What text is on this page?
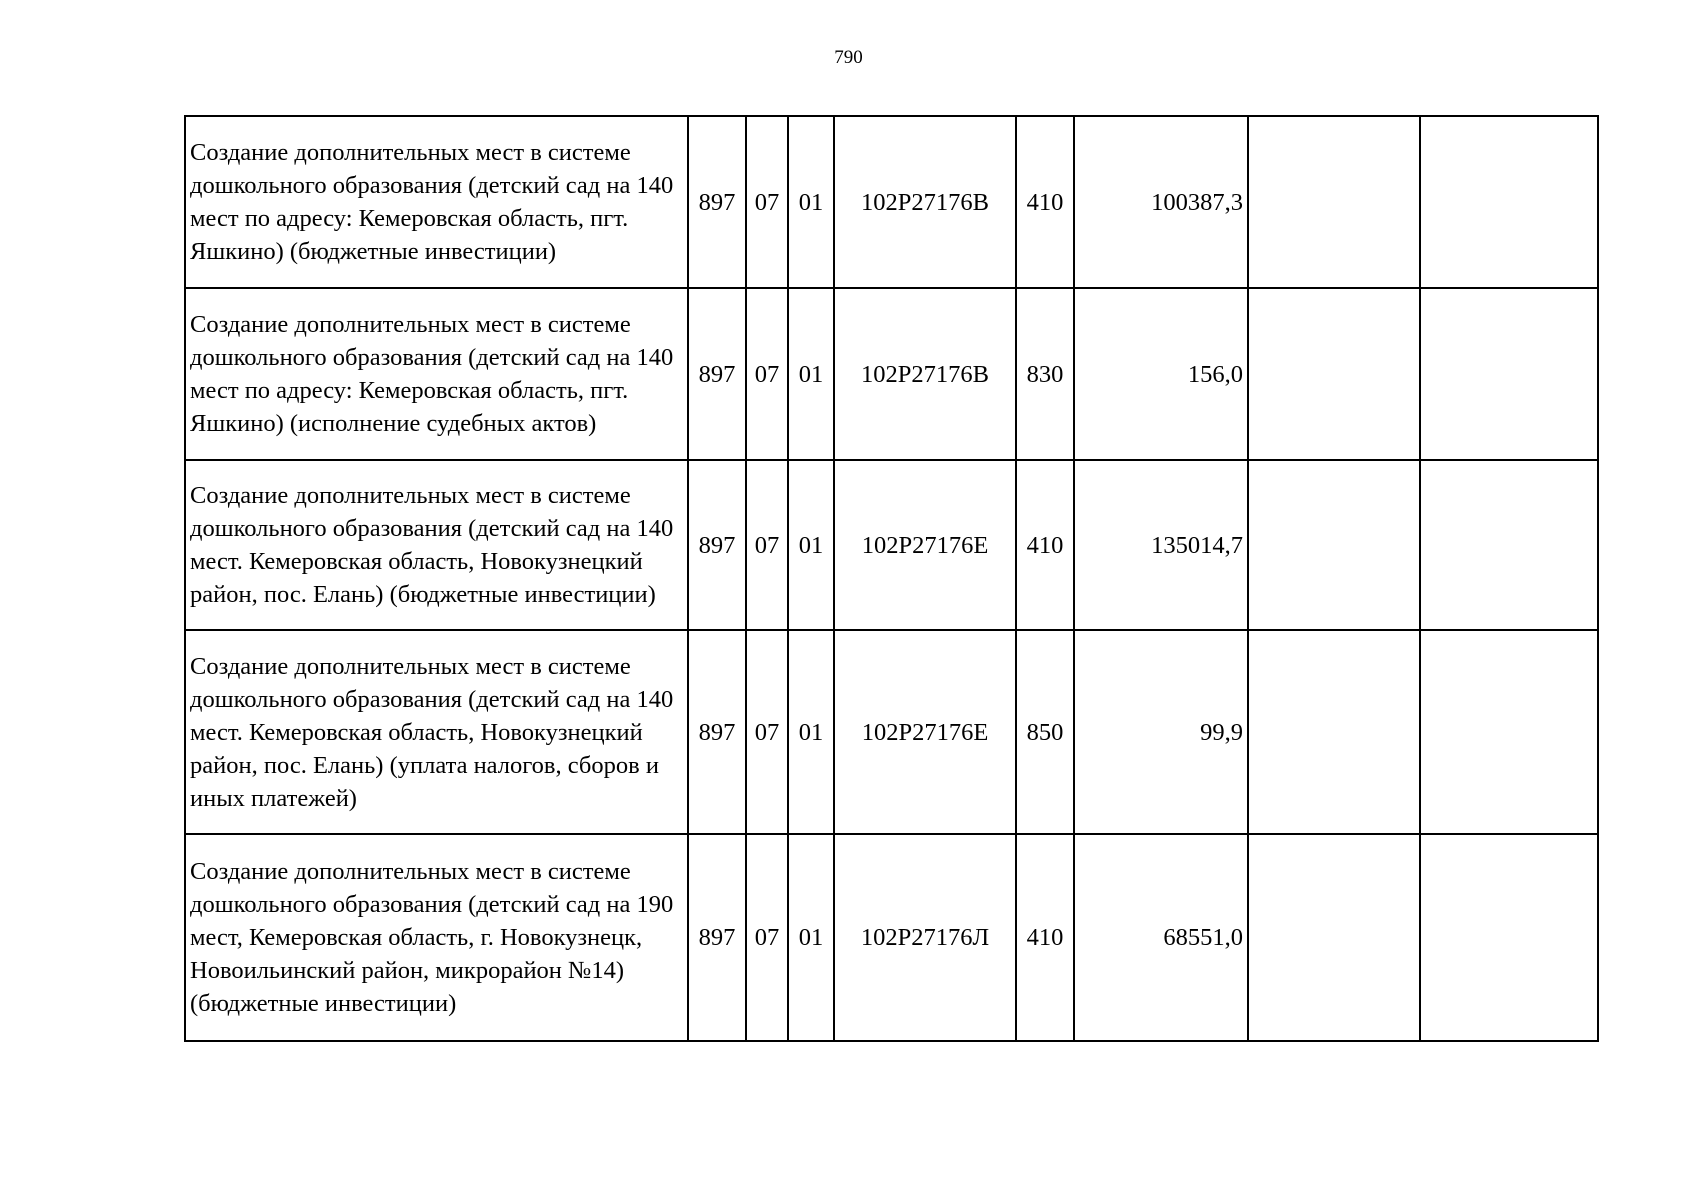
790
Создание дополнительных мест в системе дошкольного образования (детский сад на 140 мест по адресу: Кемеровская область, пгт. Яшкино) (бюджетные инвестиции)	897	07	01	102P27176В	410	100387,3		
Создание дополнительных мест в системе дошкольного образования (детский сад на 140 мест по адресу: Кемеровская область, пгт. Яшкино) (исполнение судебных актов)	897	07	01	102P27176В	830	156,0		
Создание дополнительных мест в системе дошкольного образования (детский сад на 140 мест. Кемеровская область, Новокузнецкий район, пос. Елань) (бюджетные инвестиции)	897	07	01	102P27176Е	410	135014,7		
Создание дополнительных мест в системе дошкольного образования (детский сад на 140 мест. Кемеровская область, Новокузнецкий район, пос. Елань) (уплата налогов, сборов и иных платежей)	897	07	01	102P27176Е	850	99,9		
Создание дополнительных мест в системе дошкольного образования (детский сад на 190 мест, Кемеровская область, г. Новокузнецк, Новоильинский район, микрорайон №14) (бюджетные инвестиции)	897	07	01	102P27176Л	410	68551,0		
